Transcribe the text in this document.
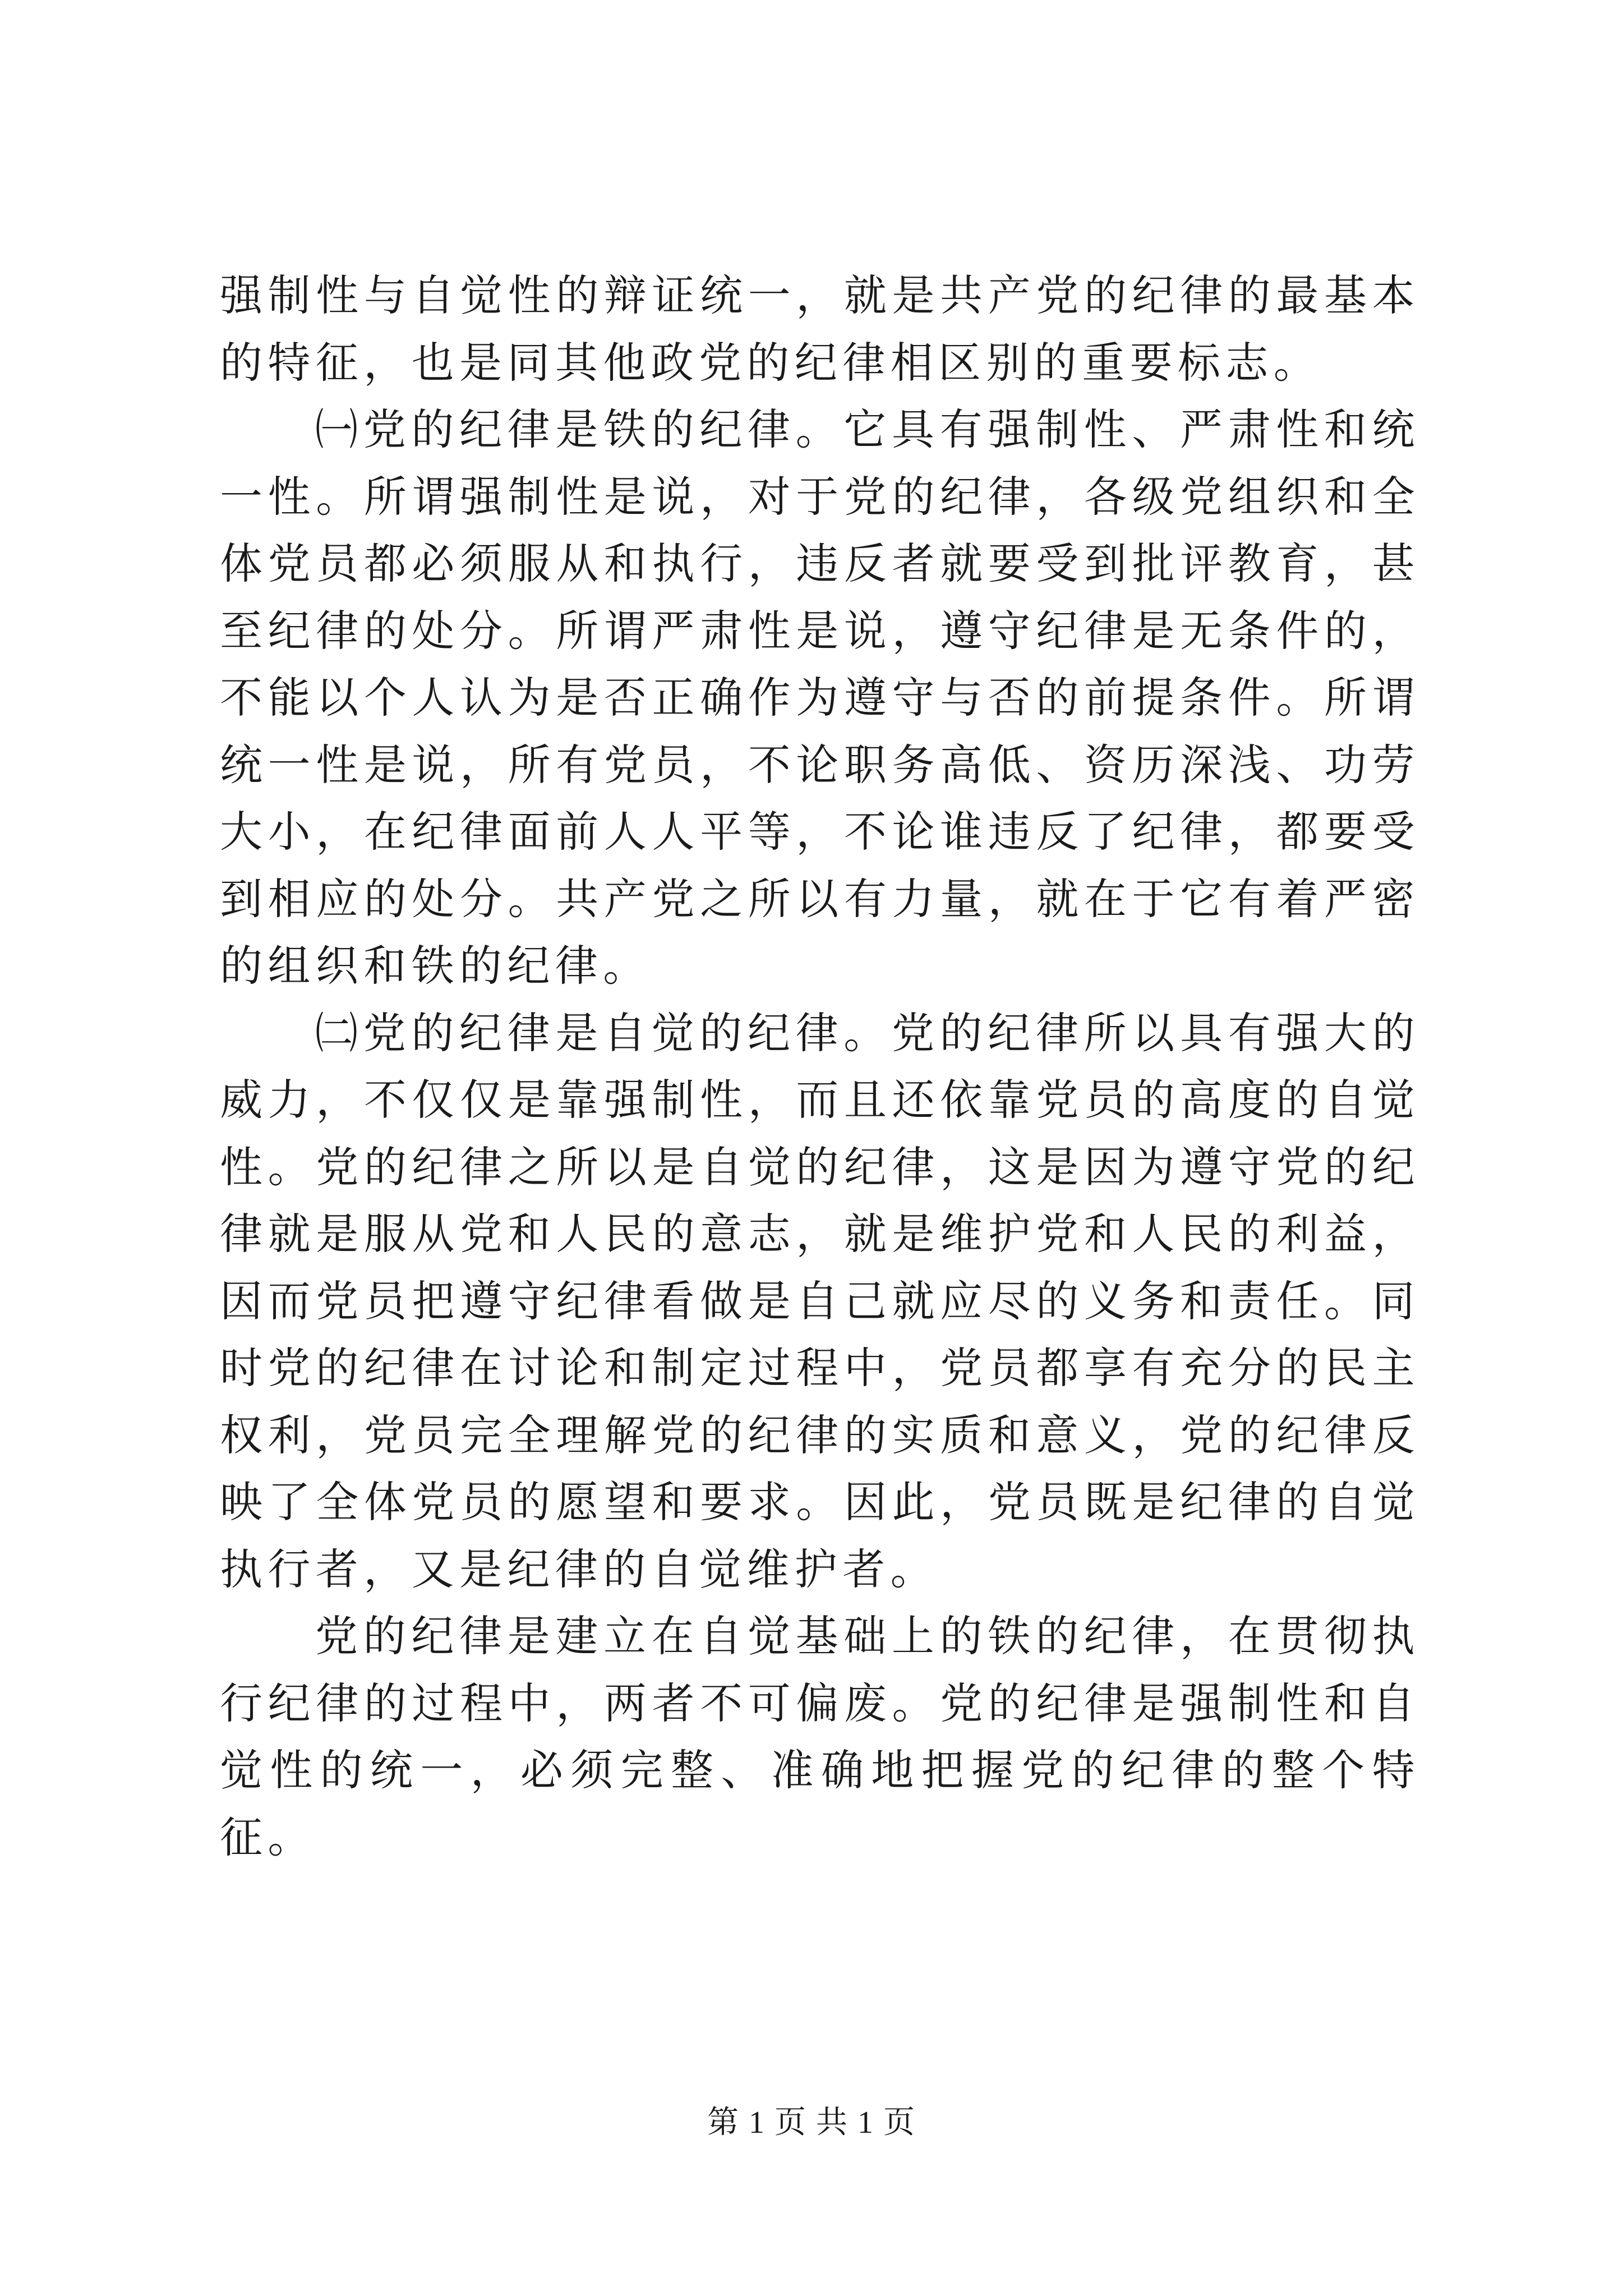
强制性与自觉性的辩证统一，就是共产党的纪律的最基本的特征，也是同其他政党的纪律相区别的重要标志。

㈠党的纪律是铁的纪律。它具有强制性、严肃性和统一性。所谓强制性是说，对于党的纪律，各级党组织和全体党员都必须服从和执行，违反者就要受到批评教育，甚至纪律的处分。所谓严肃性是说，遵守纪律是无条件的，不能以个人认为是否正确作为遵守与否的前提条件。所谓统一性是说，所有党员，不论职务高低、资历深浅、功劳大小，在纪律面前人人平等，不论谁违反了纪律，都要受到相应的处分。共产党之所以有力量，就在于它有着严密的组织和铁的纪律。

㈡党的纪律是自觉的纪律。党的纪律所以具有强大的威力，不仅仅是靠强制性，而且还依靠党员的高度的自觉性。党的纪律之所以是自觉的纪律，这是因为遵守党的纪律就是服从党和人民的意志，就是维护党和人民的利益，因而党员把遵守纪律看做是自己就应尽的义务和责任。同时党的纪律在讨论和制定过程中，党员都享有充分的民主权利，党员完全理解党的纪律的实质和意义，党的纪律反映了全体党员的愿望和要求。因此，党员既是纪律的自觉执行者，又是纪律的自觉维护者。

党的纪律是建立在自觉基础上的铁的纪律，在贯彻执行纪律的过程中，两者不可偏废。党的纪律是强制性和自觉性的统一，必须完整、准确地把握党的纪律的整个特征。

第 1 页 共 1 页
